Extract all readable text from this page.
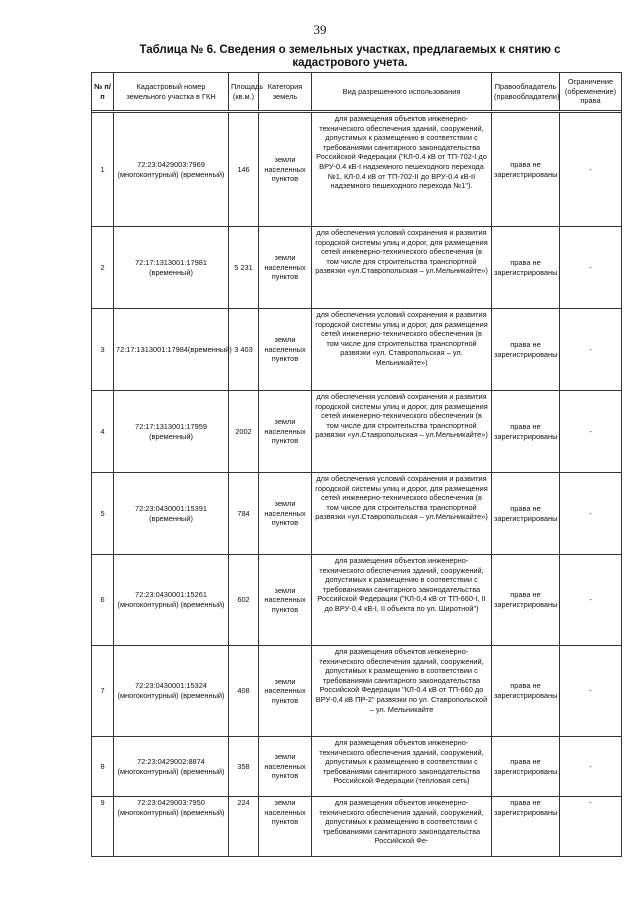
39
Таблица № 6. Сведения о земельных участках, предлагаемых к снятию с кадастрового учета.
№ п/п	Кадастровый номер земельного участка в ГКН	Площадь (кв.м.)	Категория земель	Вид разрешенного использования	Правообладатель (правообладатели)	Ограничение (обременение) права

1	72:23:0429003:7969 (многоконтурный) (временный)	146	земли населенных пунктов	для размещения объектов инженерно-технического обеспечения зданий, сооружений, допустимых к размещению в соответствии с требованиями санитарного законодательства Российской Федерации ("КЛ-0.4 кВ от ТП-702-I до ВРУ-0.4 кВ-I надземного пешеходного перехода №1, КЛ-0.4 кВ от ТП-702-II до ВРУ-0.4 кВ-II надземного пешеходного перехода №1").	права не зарегистрированы	-
2	72:17:1313001:17981 (временный)	5 231	земли населенных пунктов	для обеспечения условий сохранения и развития городской системы улиц и дорог, для размещения сетей инженерно-технического обеспечения (в том числе для строительства транспортной развязки «ул.Ставропольская – ул.Мельникайте»)	права не зарегистрированы	-
3	72:17:1313001:17984(временный)	3 403	земли населенных пунктов	для обеспечения условий сохранения и развития городской системы улиц и дорог, для размещения сетей инженерно-технического обеспечения (в том числе для строительства транспортной развязки «ул. Ставропольская – ул. Мельникайте»)	права не зарегистрированы	-
4	72:17:1313001:17959 (временный)	2002	земли населенных пунктов	для обеспечения условий сохранения и развития городской системы улиц и дорог, для размещения сетей инженерно-технического обеспечения (в том числе для строительства транспортной развязки «ул.Ставропольская – ул.Мельникайте»)	права не зарегистрированы	-
5	72:23:0430001:15391 (временный)	784	земли населенных пунктов	для обеспечения условий сохранения и развития городской системы улиц и дорог, для размещения сетей инженерно-технического обеспечения (в том числе для строительства транспортной развязки «ул.Ставропольская – ул.Мельникайте»)	права не зарегистрированы	-
6	72:23:0430001:15261 (многоконтурный) (временный)	602	земли населенных пунктов	для размещения объектов инженерно-технического обеспечения зданий, сооружений, допустимых к размещению в соответствии с требованиями санитарного законодательства Российской Федерации ("КЛ-0,4 кВ от ТП-660-I, II до ВРУ-0,4 кВ-I, II объекта по ул. Широтной")	права не зарегистрированы	-
7	72:23:0430001:15324 (многоконтурный) (временный)	408	земли населенных пунктов	для размещения объектов инженерно-технического обеспечения зданий, сооружений, допустимых к размещению в соответствии с требованиями санитарного законодательства Российской Федерации "КЛ-0.4 кВ от ТП-660 до ВРУ-0,4 кВ ПР-2" развязки по ул. Ставропольской – ул. Мельникайте	права не зарегистрированы	-
8	72:23:0429002:8874 (многоконтурный) (временный)	358	земли населенных пунктов	для размещения объектов инженерно-технического обеспечения зданий, сооружений, допустимых к размещению в соответствии с требованиями санитарного законодательства Российской Федерации (тепловая сеть)	права не зарегистрированы	-
9	72:23:0429003:7950 (многоконтурный) (временный)	224	земли населенных пунктов	для размещения объектов инженерно-технического обеспечения зданий, сооружений, допустимых к размещению в соответствии с требованиями санитарного законодательства Российской Фе-	права не зарегистрированы	-
